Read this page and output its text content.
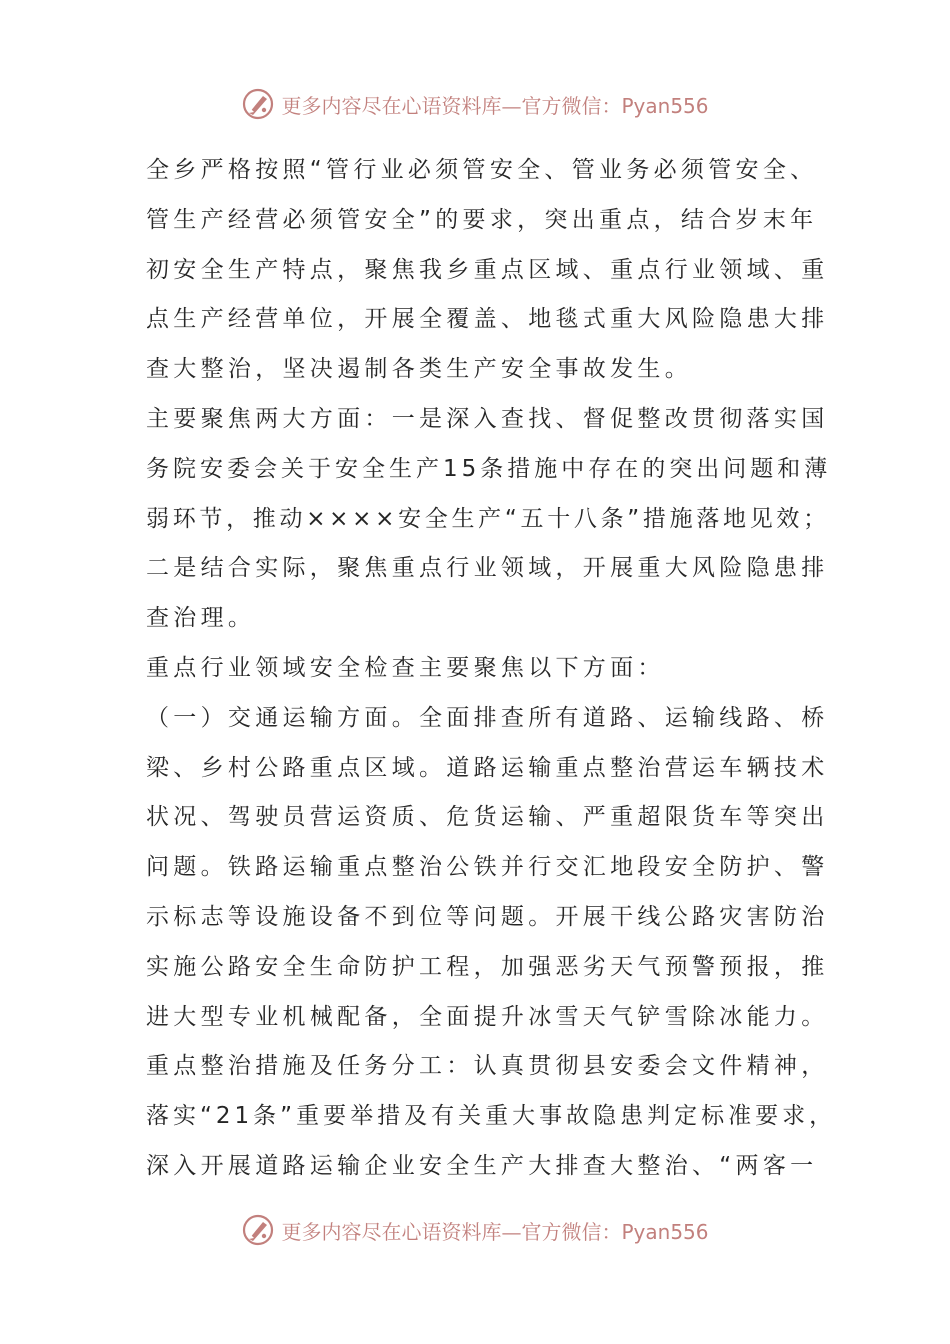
更多内容尽在心语资料库—官方微信：Pyan556
全乡严格按照“管行业必须管安全、管业务必须管安全、
管生产经营必须管安全”的要求，突出重点，结合岁末年
初安全生产特点，聚焦我乡重点区域、重点行业领域、重
点生产经营单位，开展全覆盖、地毯式重大风险隐患大排
查大整治，坚决遏制各类生产安全事故发生。
主要聚焦两大方面：一是深入查找、督促整改贯彻落实国
务院安委会关于安全生产15条措施中存在的突出问题和薄
弱环节，推动××××安全生产“五十八条”措施落地见效；
二是结合实际，聚焦重点行业领域，开展重大风险隐患排
查治理。
重点行业领域安全检查主要聚焦以下方面：
（一）交通运输方面。全面排查所有道路、运输线路、桥
梁、乡村公路重点区域。道路运输重点整治营运车辆技术
状况、驾驶员营运资质、危货运输、严重超限货车等突出
问题。铁路运输重点整治公铁并行交汇地段安全防护、警
示标志等设施设备不到位等问题。开展干线公路灾害防治
实施公路安全生命防护工程，加强恶劣天气预警预报，推
进大型专业机械配备，全面提升冰雪天气铲雪除冰能力。
重点整治措施及任务分工：认真贯彻县安委会文件精神，
落实“21条”重要举措及有关重大事故隐患判定标准要求，
深入开展道路运输企业安全生产大排查大整治、“两客一
更多内容尽在心语资料库—官方微信：Pyan556
